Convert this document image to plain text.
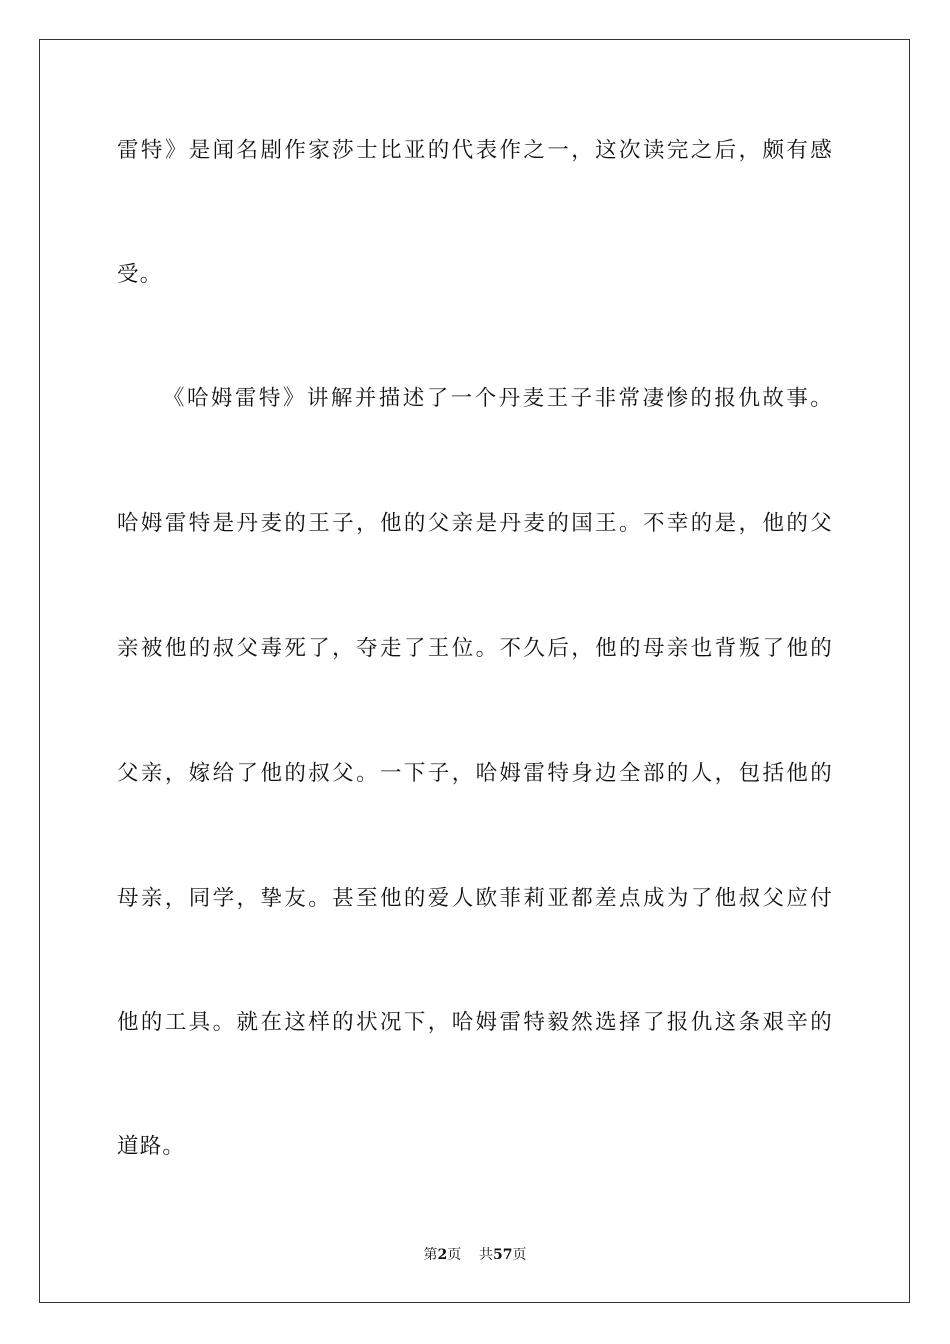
雷特》是闻名剧作家莎士比亚的代表作之一，这次读完之后，颇有感
受。
《哈姆雷特》讲解并描述了一个丹麦王子非常凄惨的报仇故事。
哈姆雷特是丹麦的王子，他的父亲是丹麦的国王。不幸的是，他的父
亲被他的叔父毒死了，夺走了王位。不久后，他的母亲也背叛了他的
父亲，嫁给了他的叔父。一下子，哈姆雷特身边全部的人，包括他的
母亲，同学，挚友。甚至他的爱人欧菲莉亚都差点成为了他叔父应付
他的工具。就在这样的状况下，哈姆雷特毅然选择了报仇这条艰辛的
道路。
第2页 共57页
